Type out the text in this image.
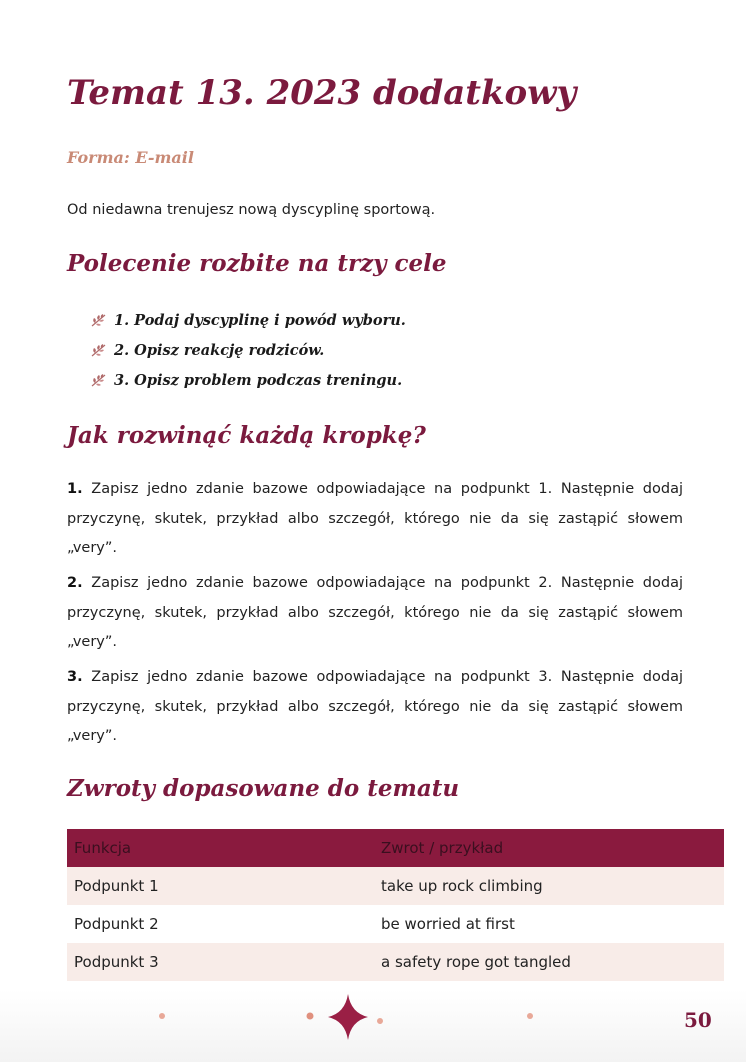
Temat 13. 2023 dodatkowy
Forma: E-mail
Od niedawna trenujesz nową dyscyplinę sportową.
Polecenie rozbite na trzy cele
1. Podaj dyscyplinę i powód wyboru.
2. Opisz reakcję rodziców.
3. Opisz problem podczas treningu.
Jak rozwinąć każdą kropkę?

1. Zapisz jedno zdanie bazowe odpowiadające na podpunkt 1. Następnie dodaj przyczynę, skutek, przykład albo szczegół, którego nie da się zastąpić słowem „very”.

2. Zapisz jedno zdanie bazowe odpowiadające na podpunkt 2. Następnie dodaj przyczynę, skutek, przykład albo szczegół, którego nie da się zastąpić słowem „very”.

3. Zapisz jedno zdanie bazowe odpowiadające na podpunkt 3. Następnie dodaj przyczynę, skutek, przykład albo szczegół, którego nie da się zastąpić słowem „very”.

Zwroty dopasowane do tematu
Funkcja	Zwrot / przykład
Podpunkt 1	take up rock climbing
Podpunkt 2	be worried at first
Podpunkt 3	a safety rope got tangled
50
